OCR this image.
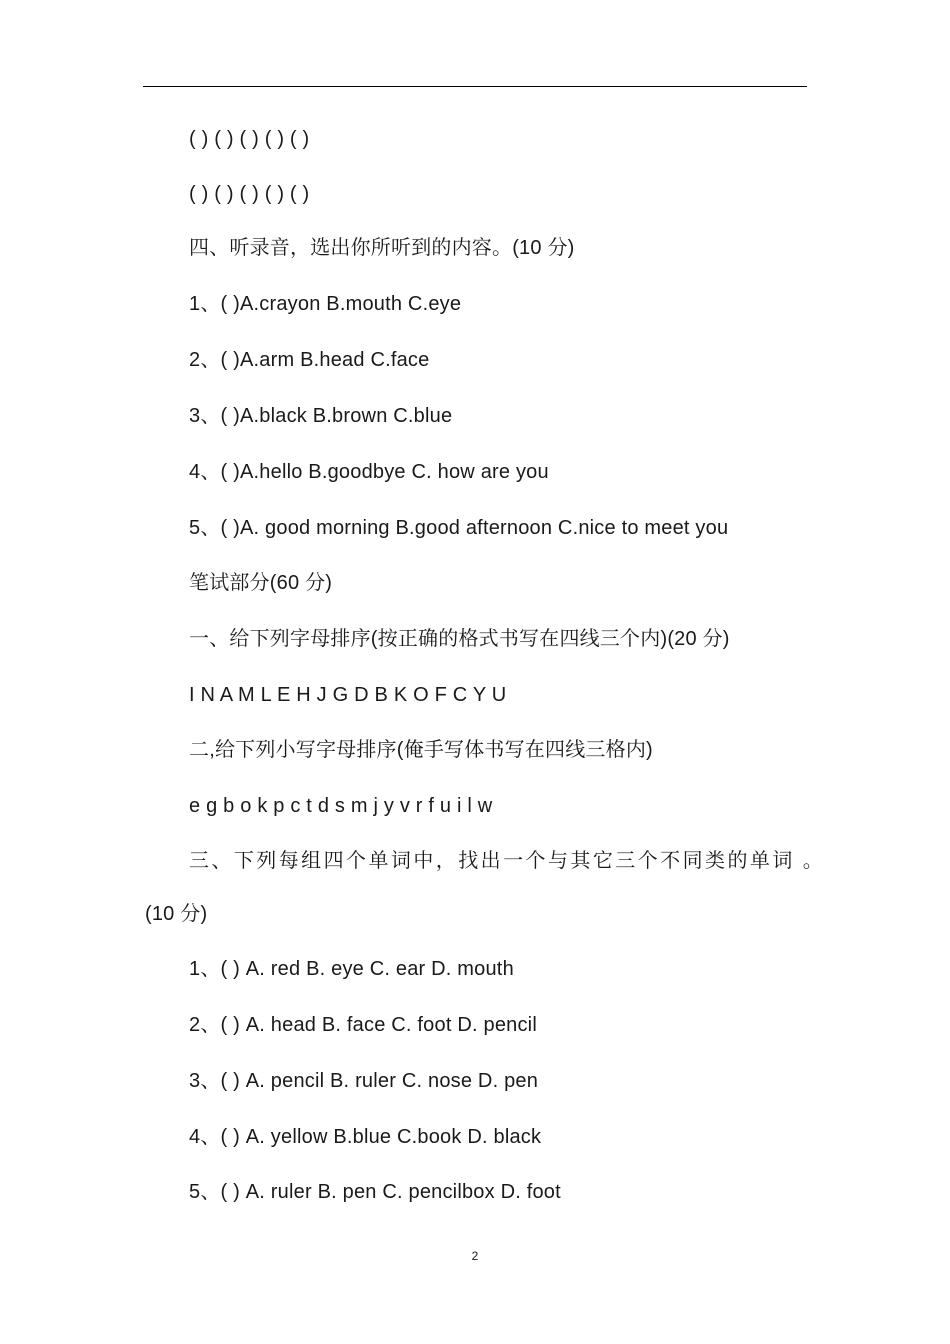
( ) ( ) ( ) ( ) ( )
( ) ( ) ( ) ( ) ( )
四、听录音，选出你所听到的内容。(10 分)
1、( )A.crayon B.mouth C.eye
2、( )A.arm B.head C.face
3、( )A.black B.brown C.blue
4、( )A.hello B.goodbye C. how are you
5、( )A. good morning B.good afternoon C.nice to meet you
笔试部分(60 分)
一、给下列字母排序(按正确的格式书写在四线三个内)(20 分)
I N A M L E H J G D B K O F C Y U
二,给下列小写字母排序(俺手写体书写在四线三格内)
e g b o k p c t d s m j y v r f u i l w
三、下列每组四个单词中，找出一个与其它三个不同类的单词 。
(10 分)
1、( ) A. red B. eye C. ear D. mouth
2、( ) A. head B. face C. foot D. pencil
3、( ) A. pencil B. ruler C. nose D. pen
4、( ) A. yellow B.blue C.book D. black
5、( ) A. ruler B. pen C. pencilbox D. foot
2
